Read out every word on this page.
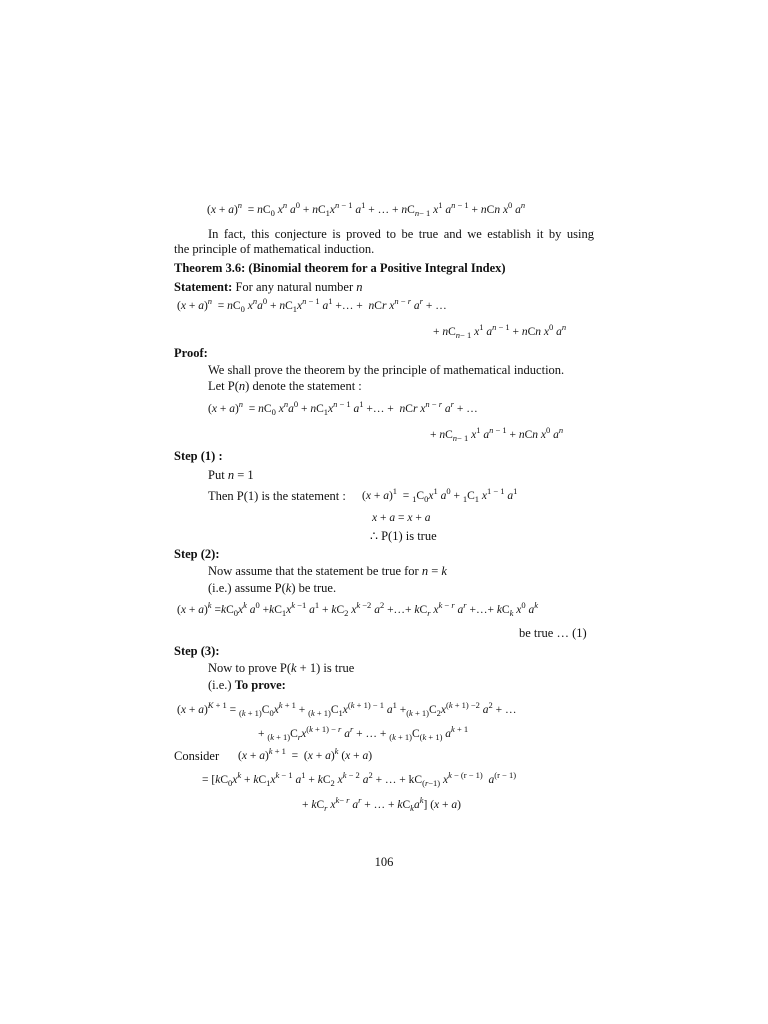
$(x + a)^n = nC_0$ $x^n$ $a^0 + nC_1x^{n - 1}$ $a^1$ + … + $nC_{n- 1}$ $x^1$ $a^{n - 1}$ + nCn $x^0$ $a^n$
In fact, this conjecture is proved to be true and we establish it by using
the principle of mathematical induction.
Theorem 3.6: (Binomial theorem for a Positive Integral Index)
Statement: For any natural number n
$(x + a)^n = nC_0$ $x^na^0 + nC_1x^{n - 1}$ $a^1$ +… +  nCr $x^{n - r}$ $a^r$ + …
+ $nC_{n- 1}$ $x^1$ $a^{n - 1}$ + nCn $x^0$ $a^n$
Proof:
We shall prove the theorem by the principle of mathematical induction.
Let P(n) denote the statement :
$(x + a)^n = nC_0$ $x^na^0 + nC_1x^{n - 1}$ $a^1$ +… +  nCr $x^{n - r}$ $a^r$ + …
+ $nC_{n- 1}$ $x^1$ $a^{n - 1}$ + nCn $x^0$ $a^n$
Step (1) :
Put n = 1
Then P(1) is the statement : $(x + a)^1 = _1C_0x^1$ $a^0 + _1C_1$ $x^{1 - 1}$ $a^1$
x + a = x + a
∴ P(1) is true
Step (2):
Now assume that the statement be true for n = k
(i.e.) assume P(k) be true.
$(x + a)^k =kC_0x^k$ $a^0 +kC_1x^{k -1}$ $a^1 + kC_2$ $x^{k -2}$ $a^2$ +…+ $kC_r$ $x^{k - r}$ $a^r$ +…+ $kC_k$ $x^0$ $a^k$
be true … (1)
Step (3):
Now to prove P(k + 1) is true
(i.e.) To prove:
$(x + a)^{K + 1} = _{(k + 1)}C_0x^{k + 1} + _{(k + 1)}C_1x^{(k + 1) - 1}$ $a^1 +_{(k + 1)}C_2x^{(k + 1) -2}$ $a^2$ + …
+ $_{(k + 1)}C_rx^{(k + 1) - r}$ $a^r$ + … + $_{(k + 1)}C_{(k + 1)}$ $a^{k + 1}$
Consider $(x + a)^{k + 1} = (x + a)^k$ (x + a)
= [$kC_0x^k + kC_1x^{k - 1}$ $a^1 + kC_2$ $x^{k - 2}$ $a^2$ + … + $kC_{(r-1)}$ $x^{k - (r - 1)}$ $a^{(r - 1)}$
+ $kC_r$ $x^{k- r}$ $a^r$ + … + $kC_ka^k$] (x + a)
106
